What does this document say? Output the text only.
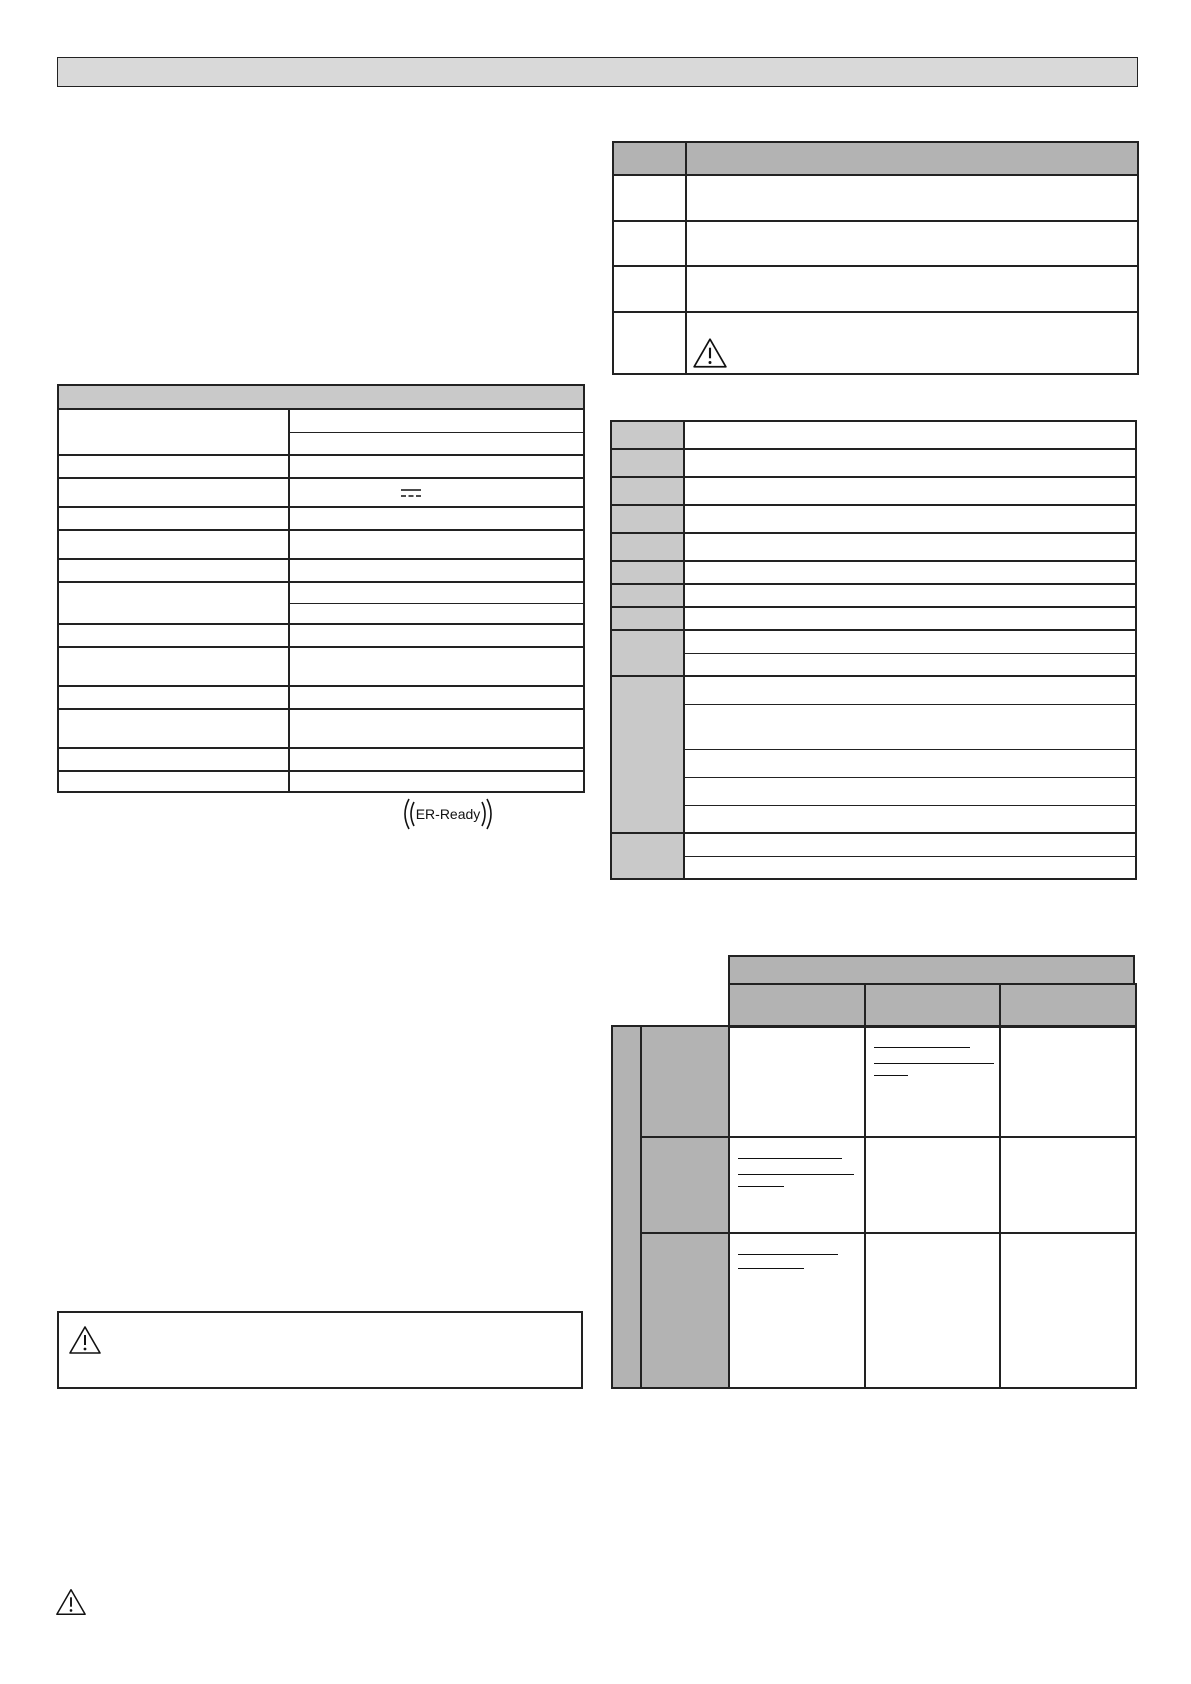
ER-Ready
